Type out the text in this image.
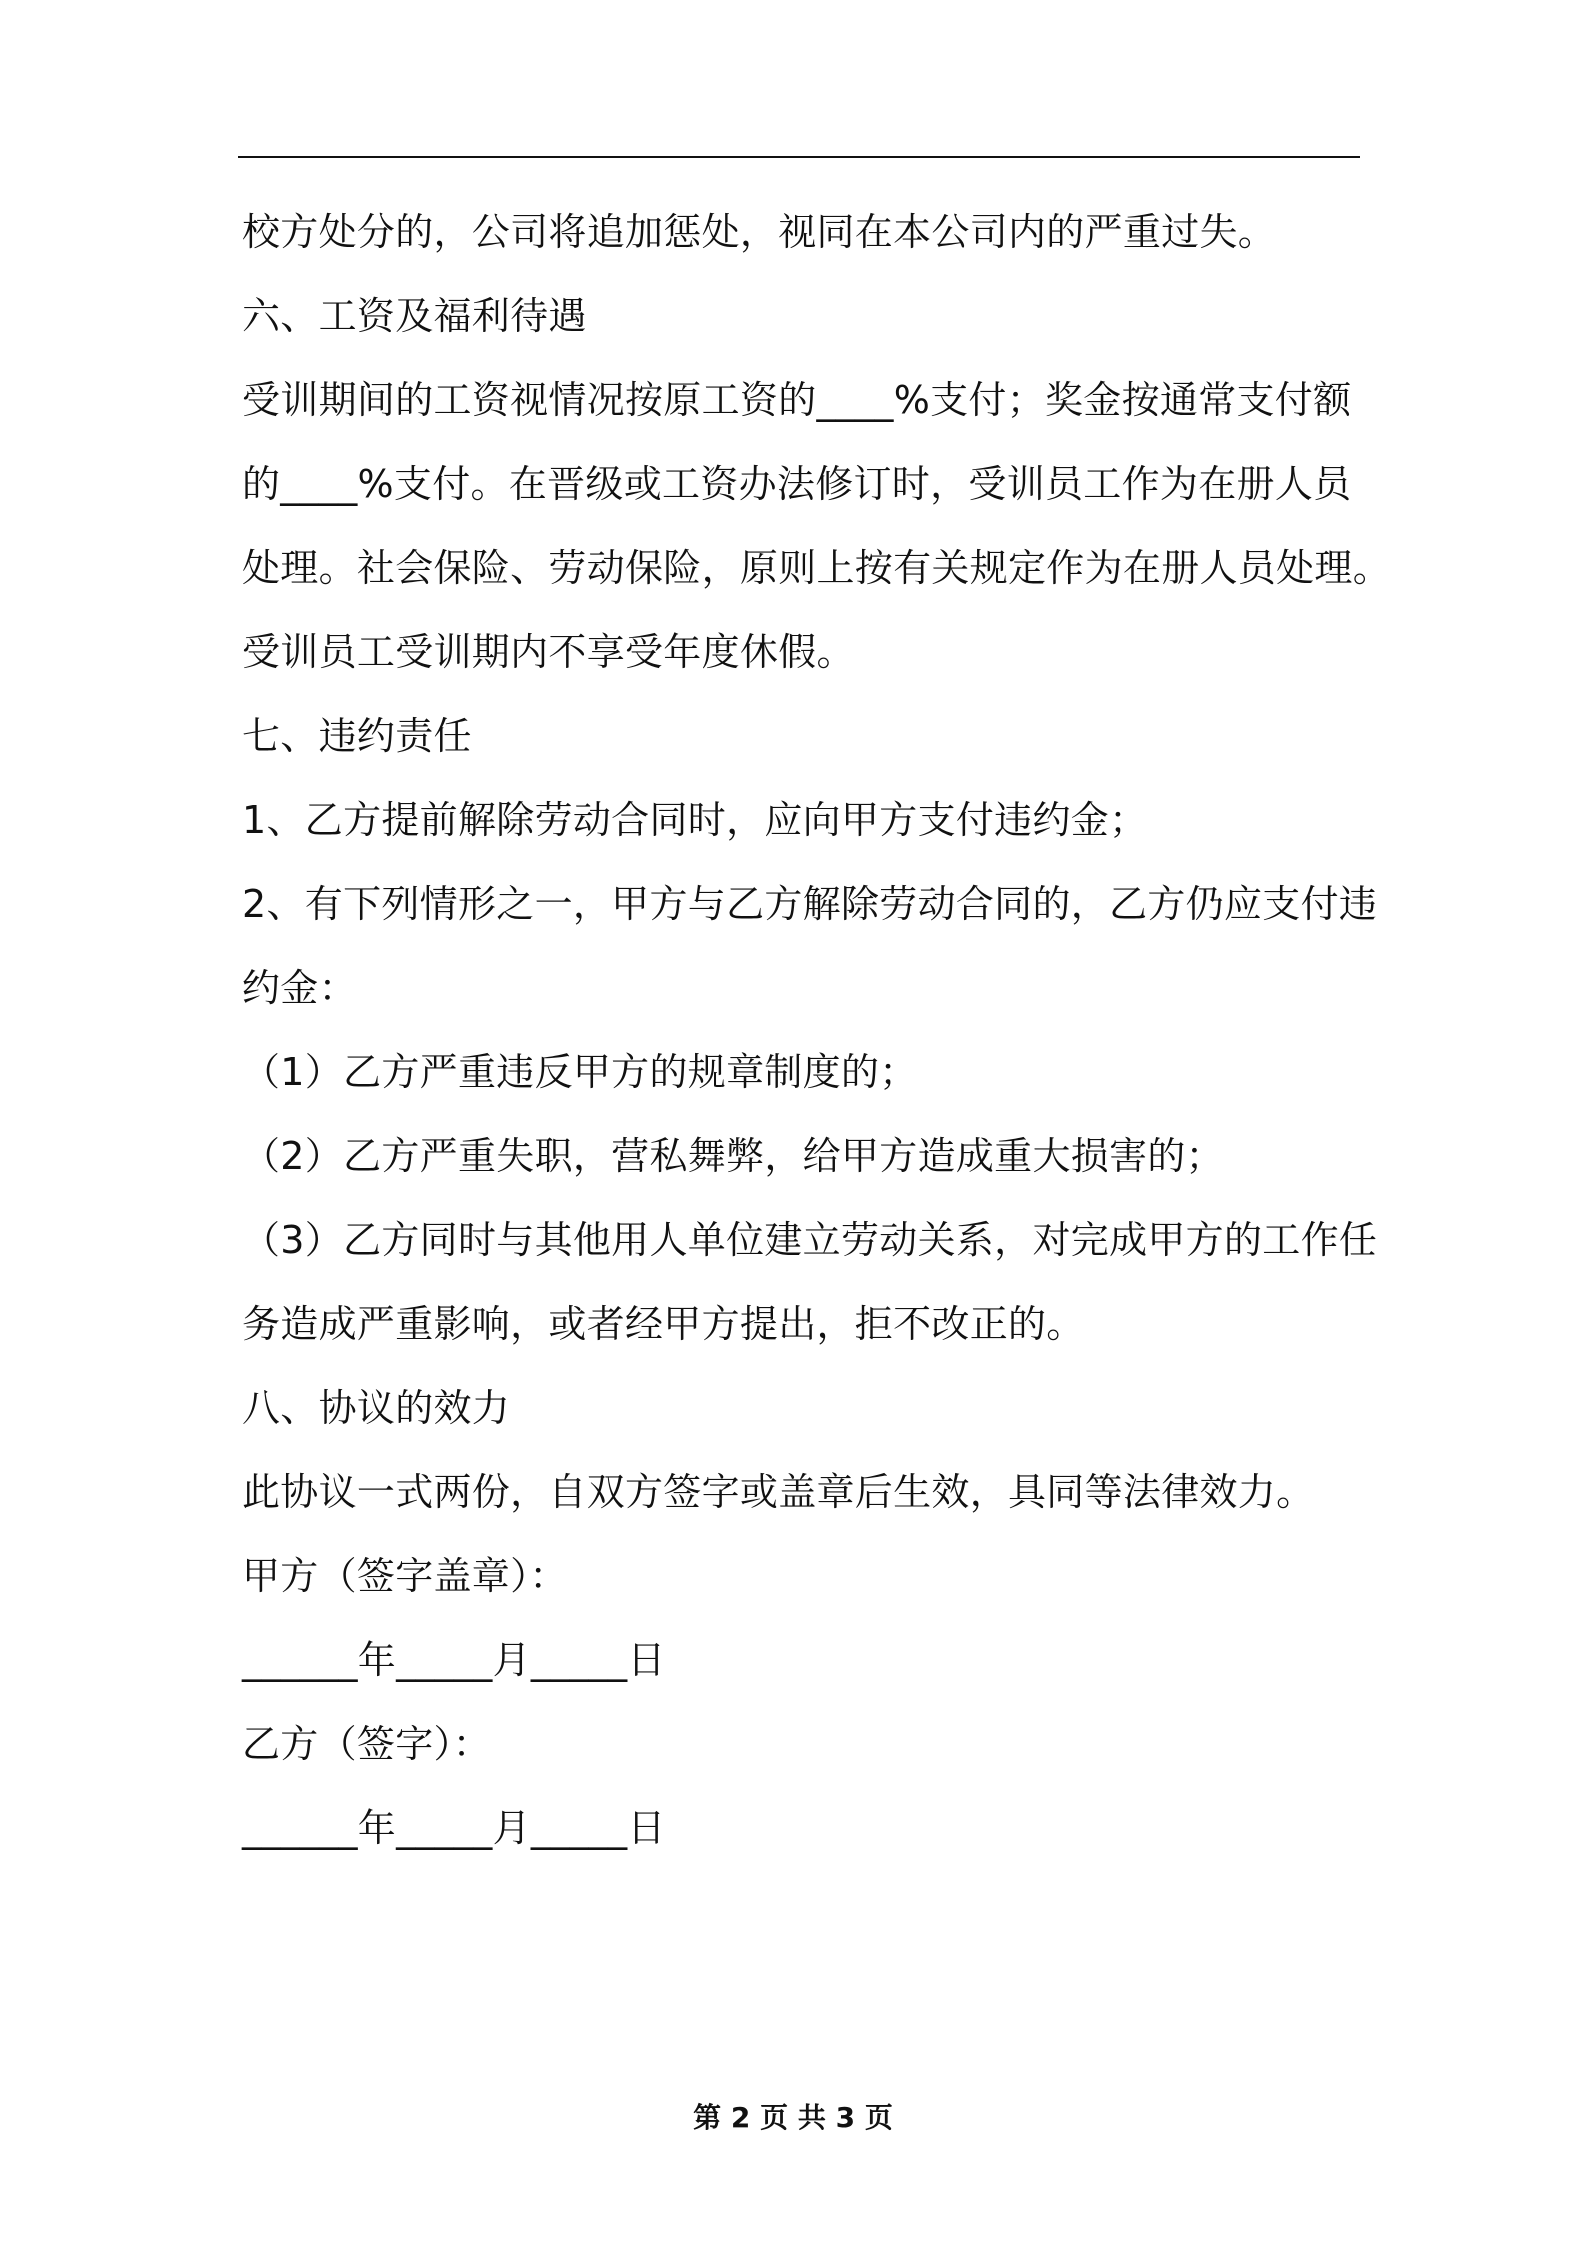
校方处分的，公司将追加惩处，视同在本公司内的严重过失。
六、工资及福利待遇
受训期间的工资视情况按原工资的____%支付；奖金按通常支付额
的____%支付。在晋级或工资办法修订时，受训员工作为在册人员
处理。社会保险、劳动保险，原则上按有关规定作为在册人员处理。
受训员工受训期内不享受年度休假。
七、违约责任
1、乙方提前解除劳动合同时，应向甲方支付违约金；
2、有下列情形之一，甲方与乙方解除劳动合同的，乙方仍应支付违
约金：
（1）乙方严重违反甲方的规章制度的；
（2）乙方严重失职，营私舞弊，给甲方造成重大损害的；
（3）乙方同时与其他用人单位建立劳动关系，对完成甲方的工作任
务造成严重影响，或者经甲方提出，拒不改正的。
八、协议的效力
此协议一式两份，自双方签字或盖章后生效，具同等法律效力。
甲方（签字盖章）：
______年_____月_____日
乙方（签字）：
______年_____月_____日
第 2 页 共 3 页
